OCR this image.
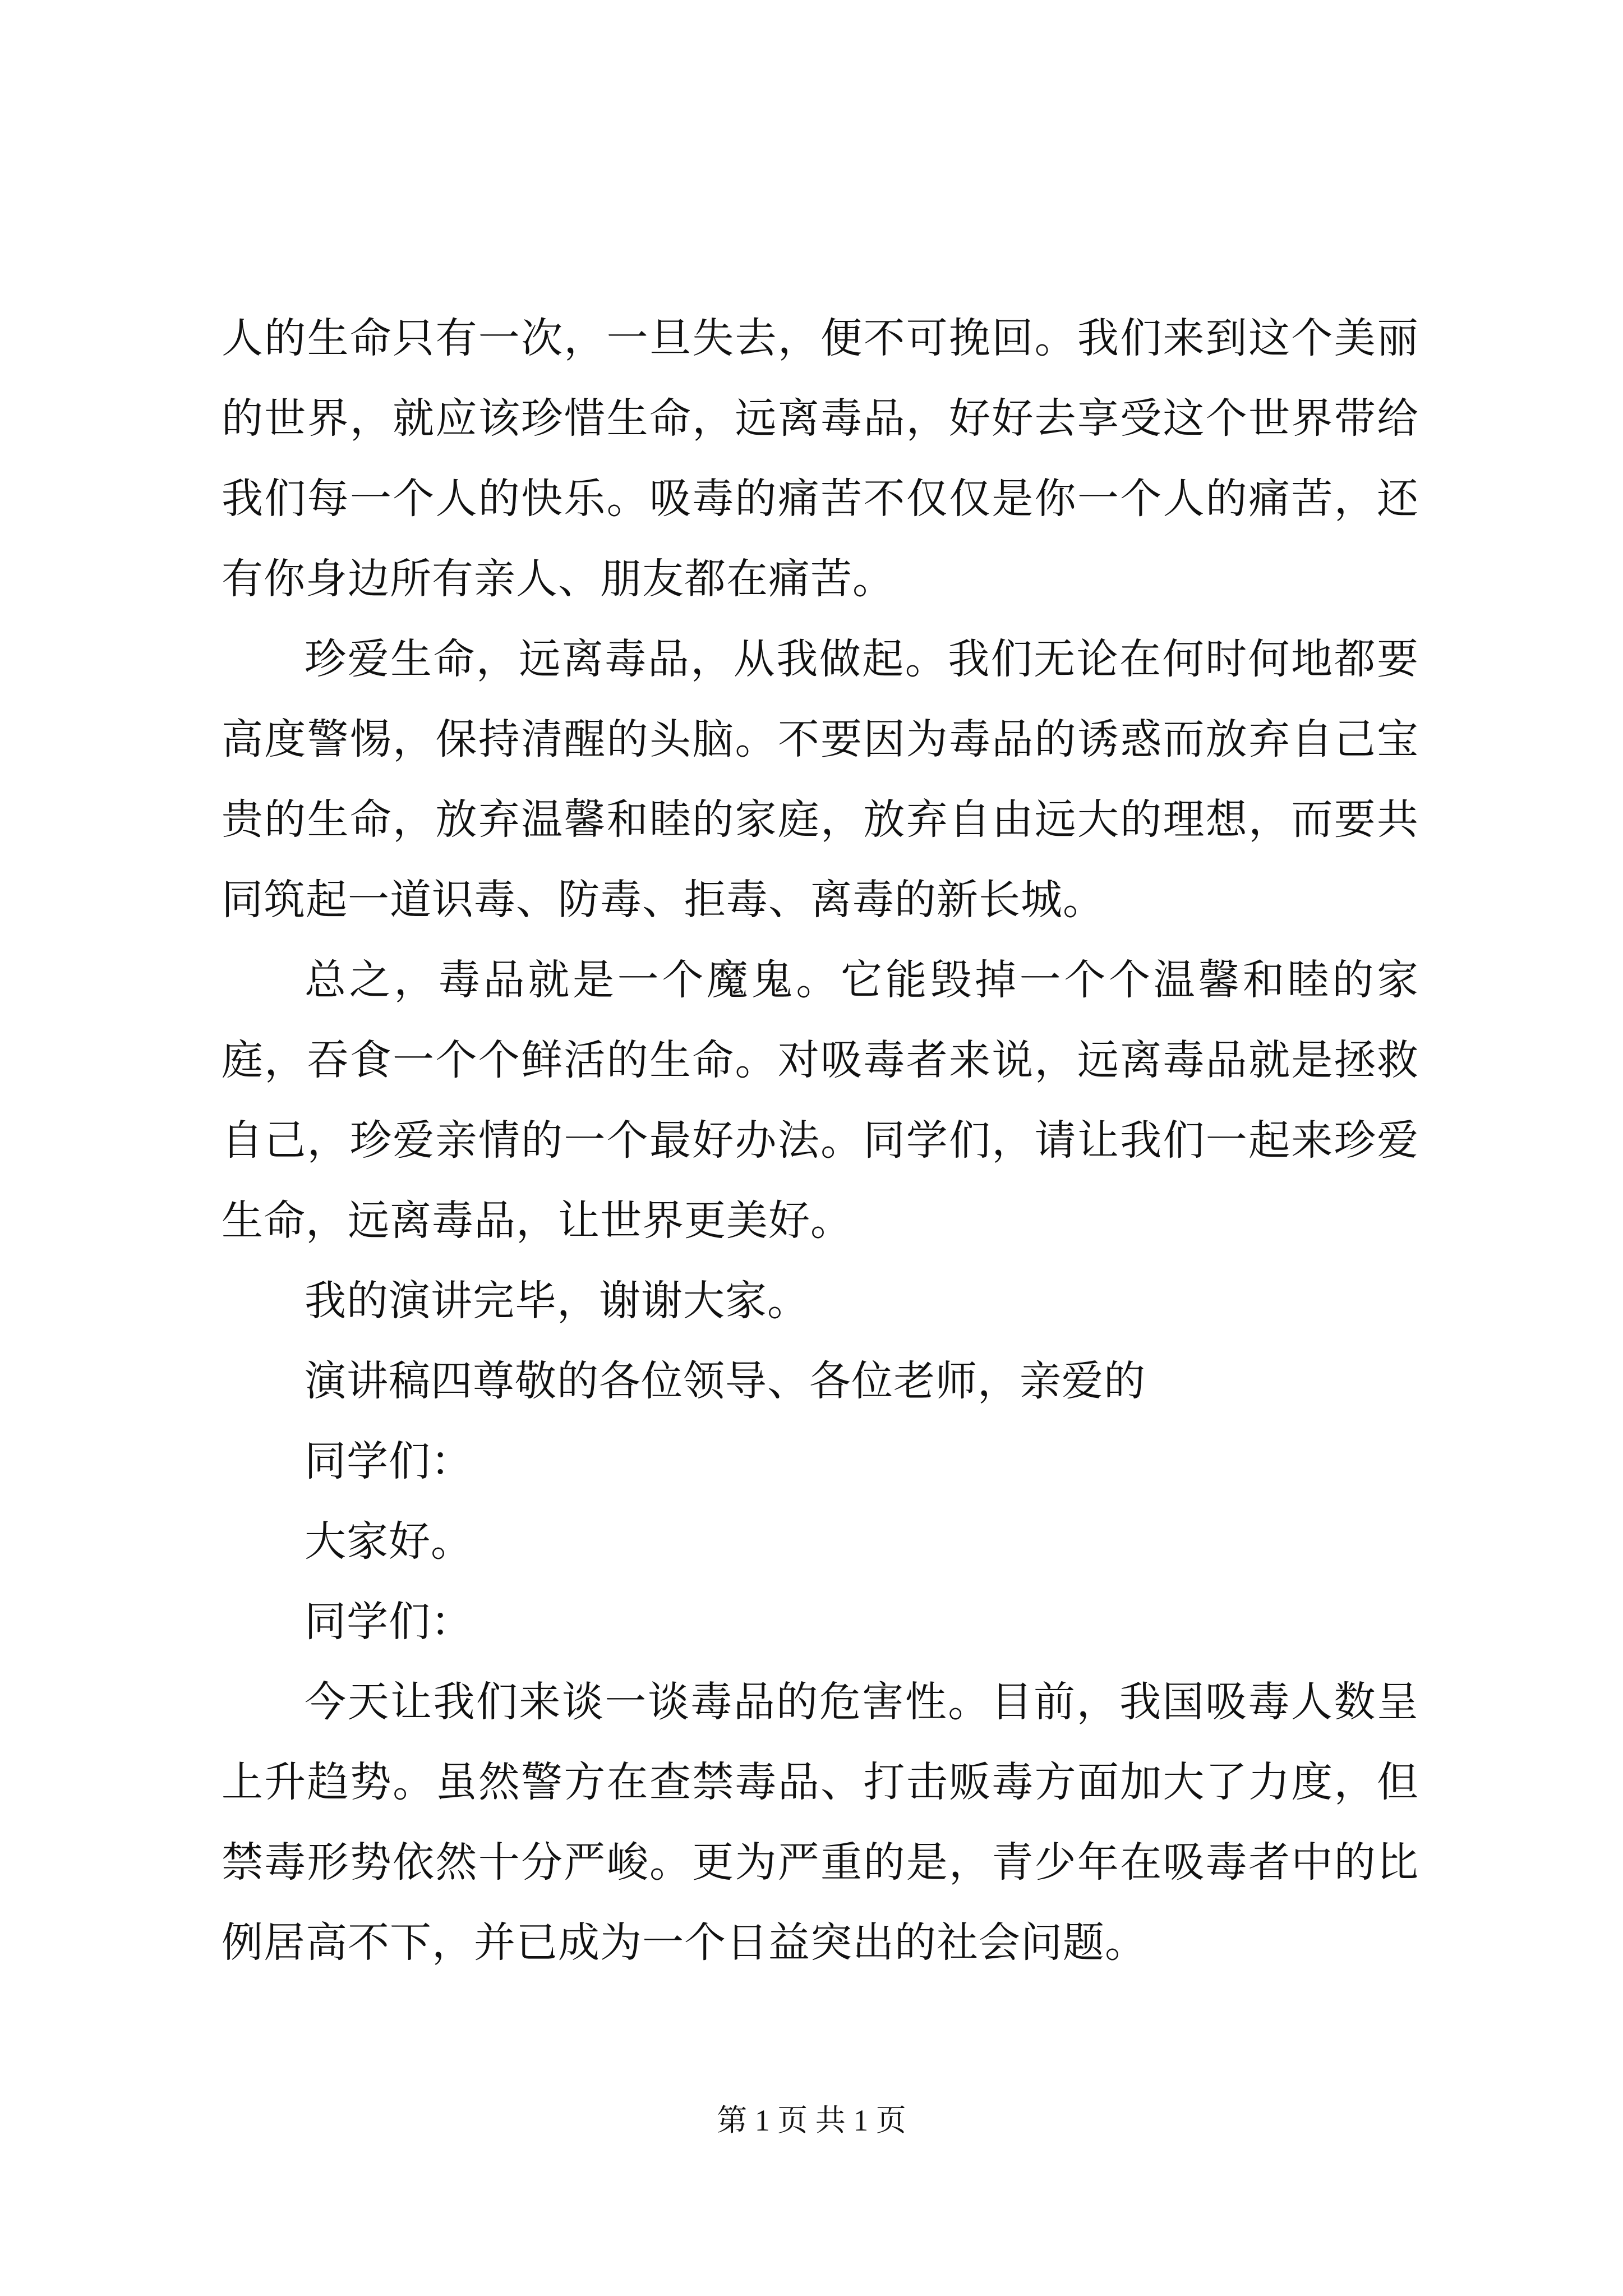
人的生命只有一次，一旦失去，便不可挽回。我们来到这个美丽的世界，就应该珍惜生命，远离毒品，好好去享受这个世界带给我们每一个人的快乐。吸毒的痛苦不仅仅是你一个人的痛苦，还有你身边所有亲人、朋友都在痛苦。

珍爱生命，远离毒品，从我做起。我们无论在何时何地都要高度警惕，保持清醒的头脑。不要因为毒品的诱惑而放弃自己宝贵的生命，放弃温馨和睦的家庭，放弃自由远大的理想，而要共同筑起一道识毒、防毒、拒毒、离毒的新长城。

总之，毒品就是一个魔鬼。它能毁掉一个个温馨和睦的家庭，吞食一个个鲜活的生命。对吸毒者来说，远离毒品就是拯救自己，珍爱亲情的一个最好办法。同学们，请让我们一起来珍爱生命，远离毒品，让世界更美好。

我的演讲完毕，谢谢大家。

演讲稿四尊敬的各位领导、各位老师，亲爱的

同学们：

大家好。

同学们：

今天让我们来谈一谈毒品的危害性。目前，我国吸毒人数呈上升趋势。虽然警方在查禁毒品、打击贩毒方面加大了力度，但禁毒形势依然十分严峻。更为严重的是，青少年在吸毒者中的比例居高不下，并已成为一个日益突出的社会问题。

第 1 页 共 1 页
